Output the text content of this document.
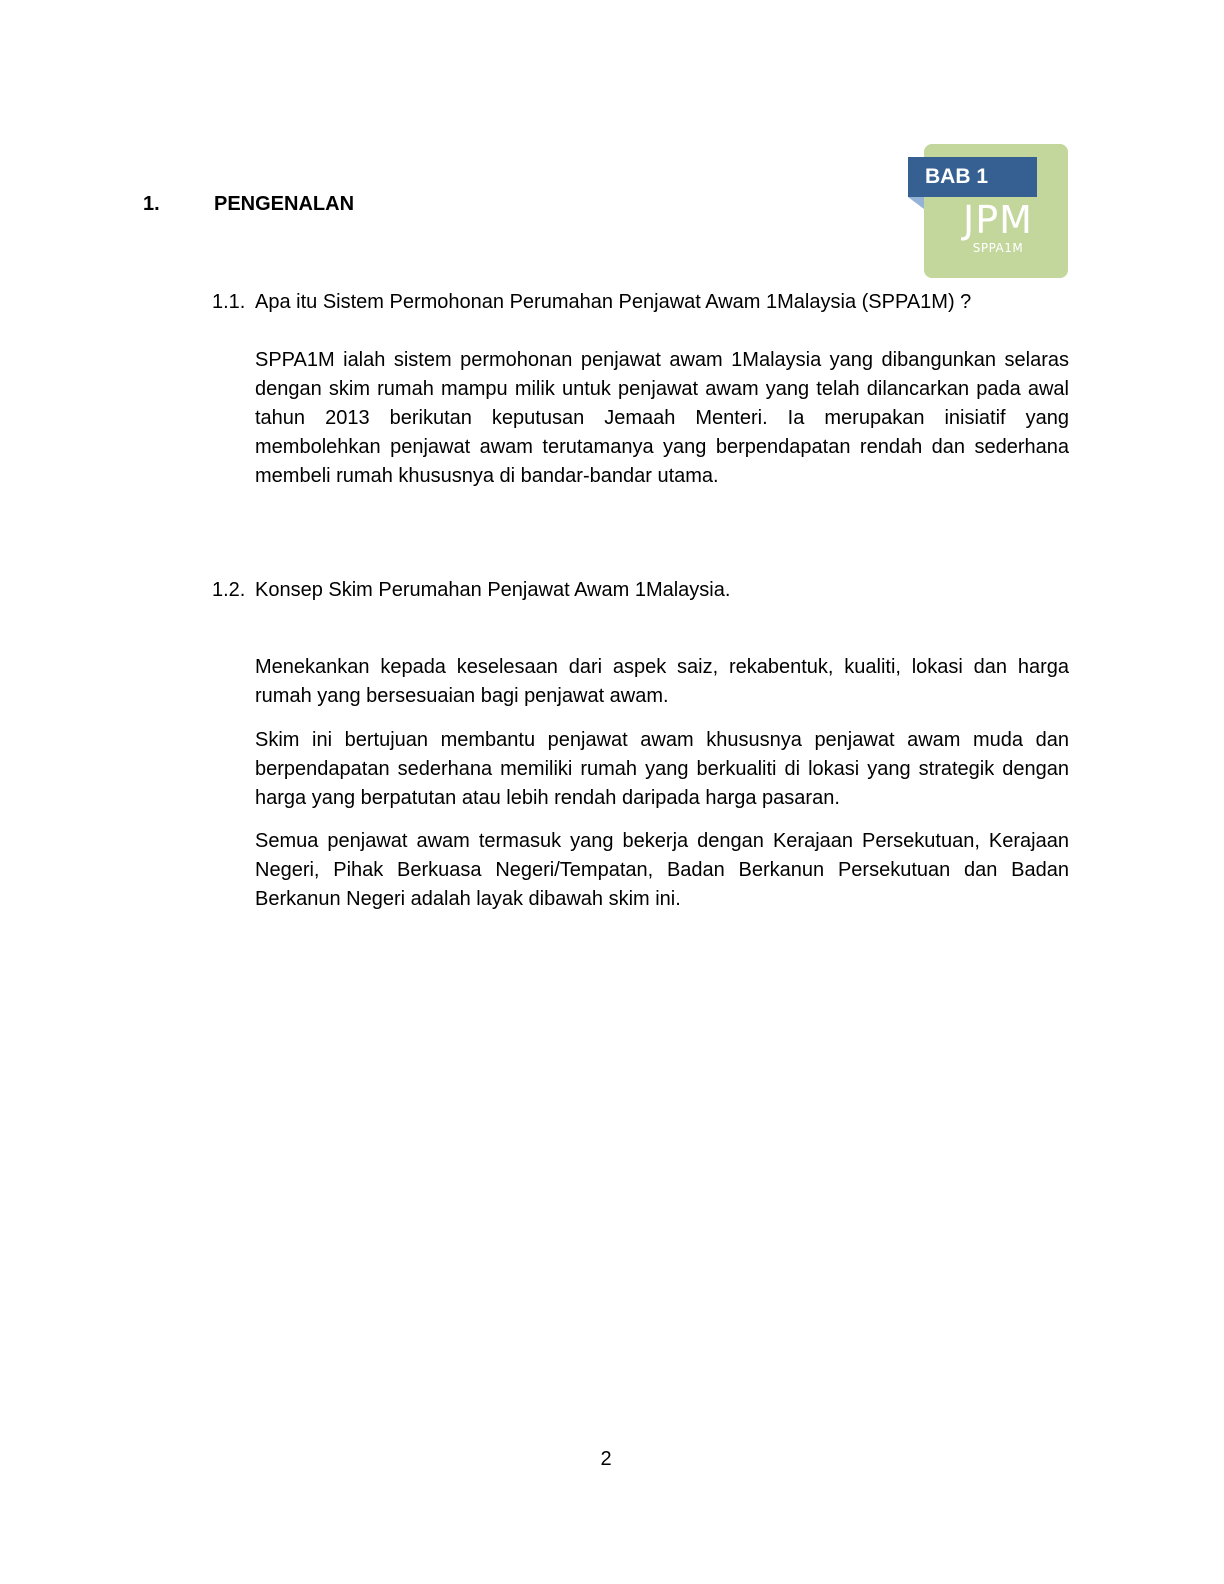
BAB 1
JPM
SPPA1M
1.	PENGENALAN
1.1. Apa itu Sistem Permohonan Perumahan Penjawat Awam 1Malaysia (SPPA1M) ?

SPPA1M ialah sistem permohonan penjawat awam 1Malaysia yang dibangunkan selaras dengan skim rumah mampu milik untuk penjawat awam yang telah dilancarkan pada awal tahun 2013 berikutan keputusan Jemaah Menteri. Ia merupakan inisiatif yang membolehkan penjawat awam terutamanya yang berpendapatan rendah dan sederhana membeli rumah khususnya di bandar-bandar utama.

1.2. Konsep Skim Perumahan Penjawat Awam 1Malaysia.

Menekankan kepada keselesaan dari aspek saiz, rekabentuk, kualiti, lokasi dan harga rumah yang bersesuaian bagi penjawat awam.

Skim ini bertujuan membantu penjawat awam khususnya penjawat awam muda dan berpendapatan sederhana memiliki rumah yang berkualiti di lokasi yang strategik dengan harga yang berpatutan atau lebih rendah daripada harga pasaran.

Semua penjawat awam termasuk yang bekerja dengan Kerajaan Persekutuan, Kerajaan Negeri, Pihak Berkuasa Negeri/Tempatan, Badan Berkanun Persekutuan dan Badan Berkanun Negeri adalah layak dibawah skim ini.

2
